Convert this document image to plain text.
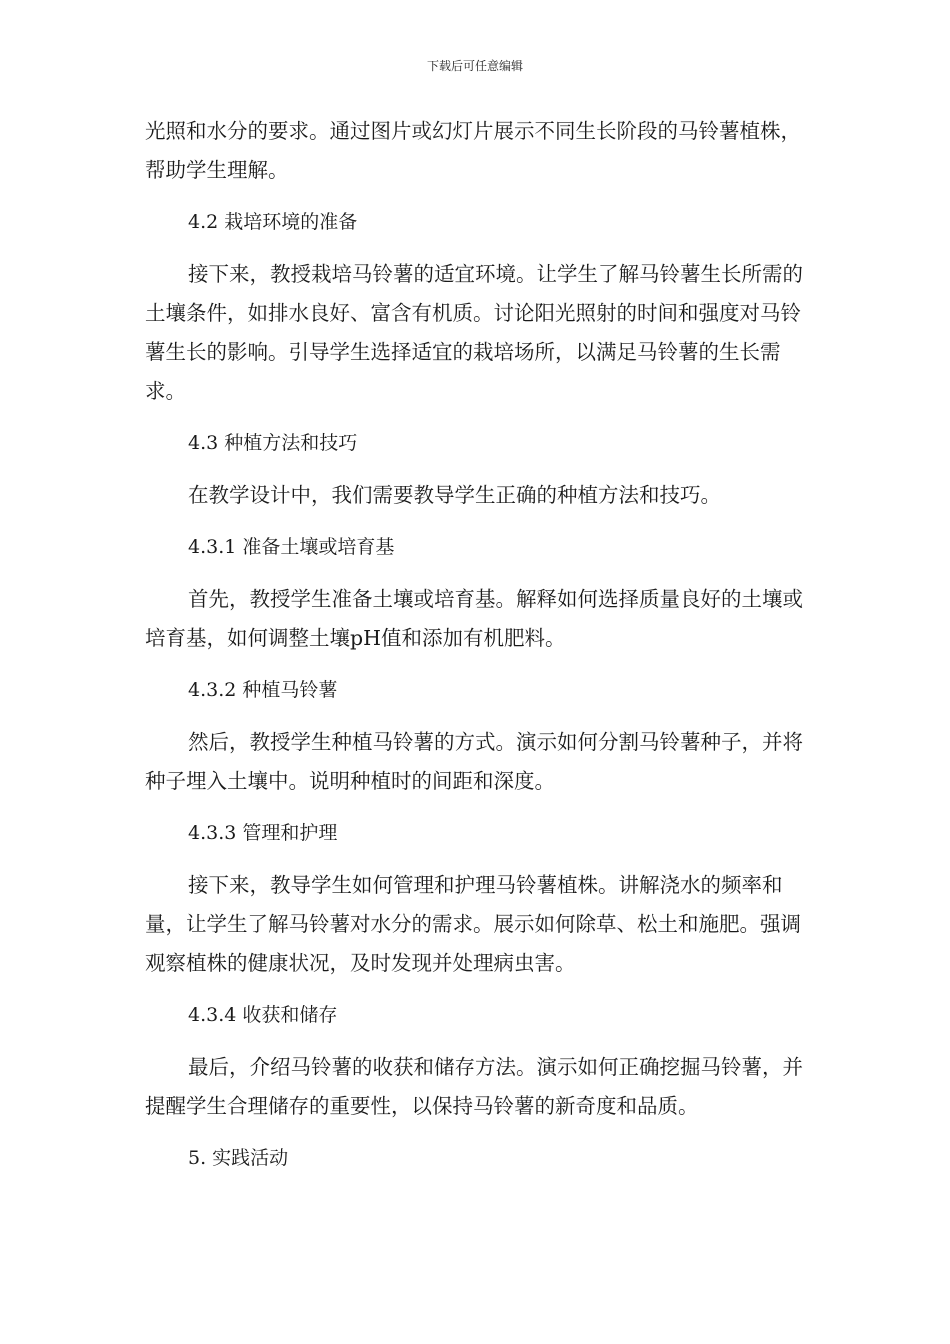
下载后可任意编辑

光照和水分的要求。通过图片或幻灯片展示不同生长阶段的马铃薯植株，帮助学生理解。

4.2 栽培环境的准备

接下来，教授栽培马铃薯的适宜环境。让学生了解马铃薯生长所需的土壤条件，如排水良好、富含有机质。讨论阳光照射的时间和强度对马铃薯生长的影响。引导学生选择适宜的栽培场所，以满足马铃薯的生长需求。

4.3 种植方法和技巧

在教学设计中，我们需要教导学生正确的种植方法和技巧。

4.3.1 准备土壤或培育基

首先，教授学生准备土壤或培育基。解释如何选择质量良好的土壤或培育基，如何调整土壤pH值和添加有机肥料。

4.3.2 种植马铃薯

然后，教授学生种植马铃薯的方式。演示如何分割马铃薯种子，并将种子埋入土壤中。说明种植时的间距和深度。

4.3.3 管理和护理

接下来，教导学生如何管理和护理马铃薯植株。讲解浇水的频率和量，让学生了解马铃薯对水分的需求。展示如何除草、松土和施肥。强调观察植株的健康状况，及时发现并处理病虫害。

4.3.4 收获和储存

最后，介绍马铃薯的收获和储存方法。演示如何正确挖掘马铃薯，并提醒学生合理储存的重要性，以保持马铃薯的新奇度和品质。

5. 实践活动
